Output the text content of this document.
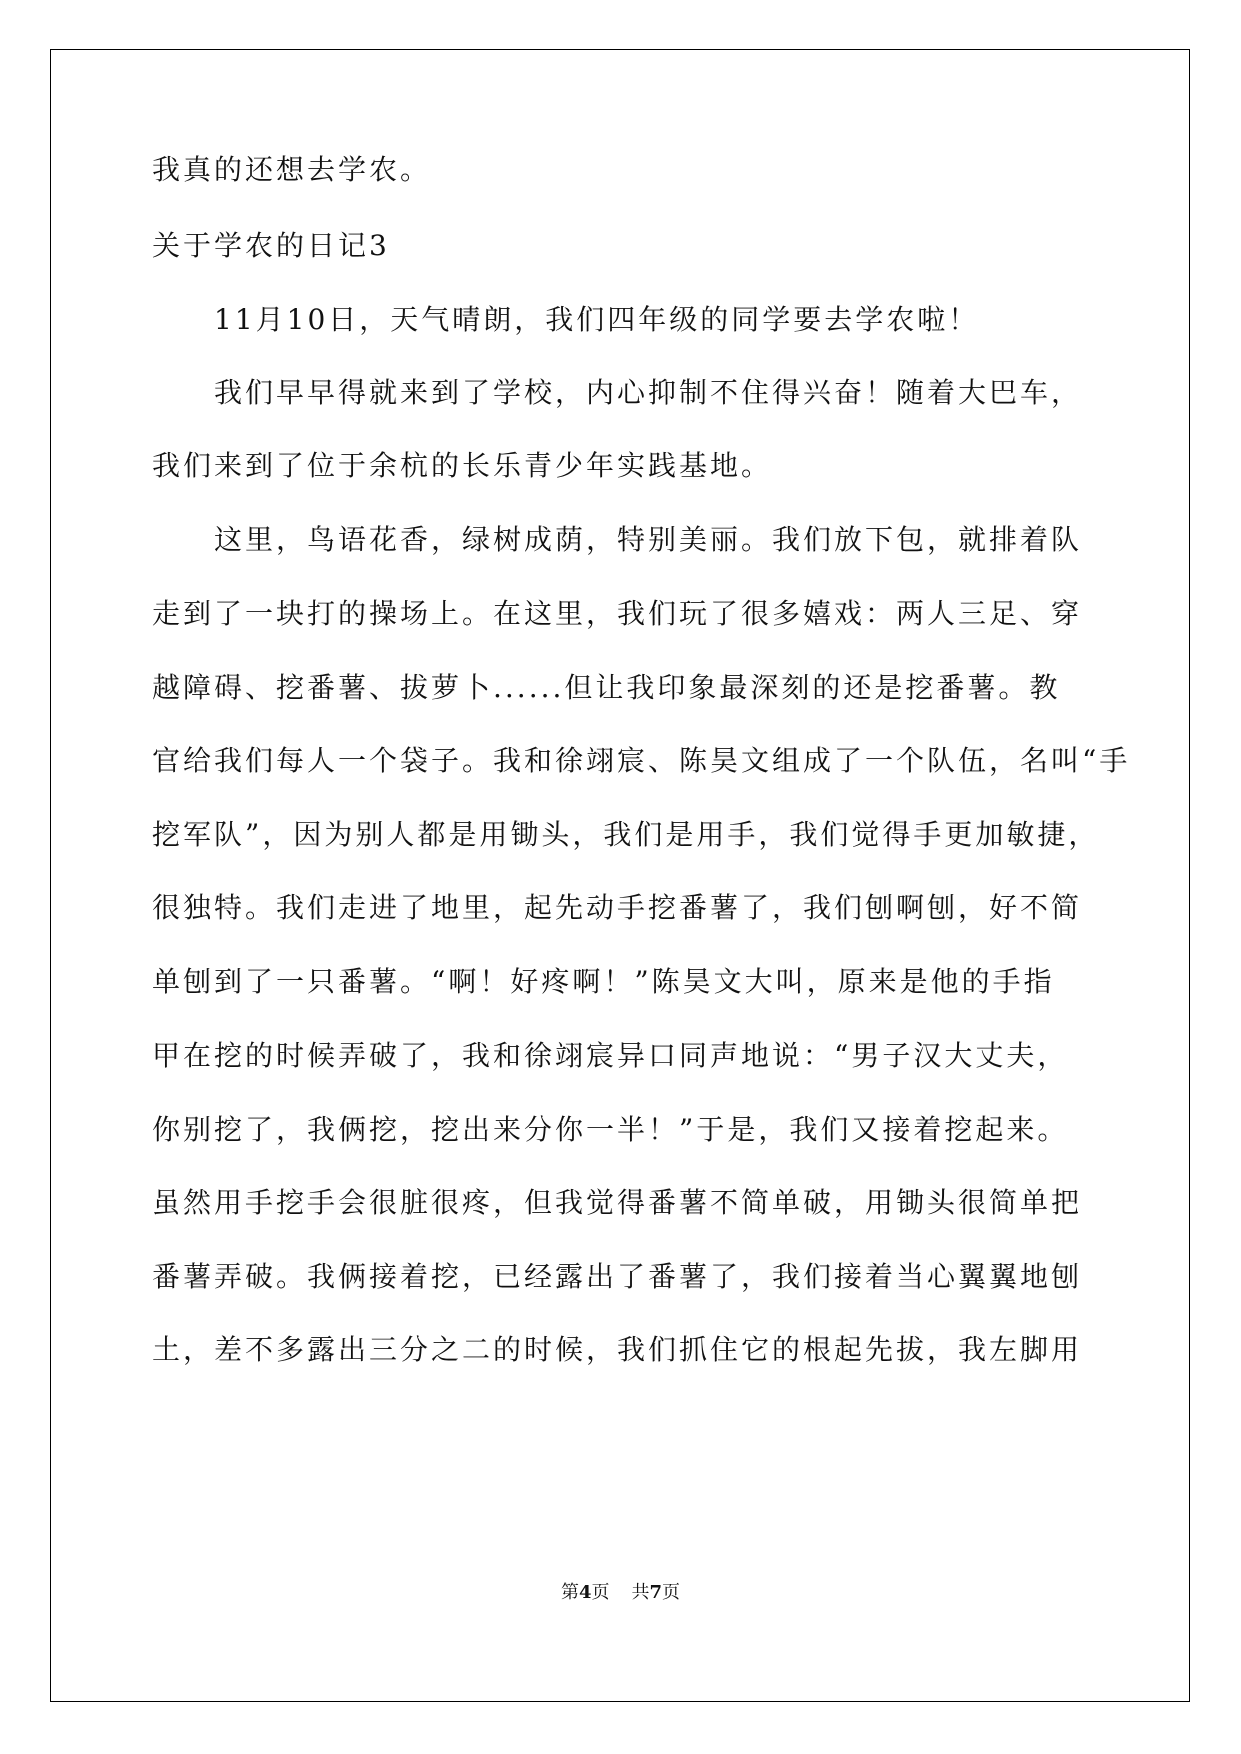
我真的还想去学农。

关于学农的日记3

　　11月10日，天气晴朗，我们四年级的同学要去学农啦！

　　我们早早得就来到了学校，内心抑制不住得兴奋！随着大巴车，

我们来到了位于余杭的长乐青少年实践基地。

　　这里，鸟语花香，绿树成荫，特别美丽。我们放下包，就排着队

走到了一块打的操场上。在这里，我们玩了很多嬉戏：两人三足、穿

越障碍、挖番薯、拔萝卜......但让我印象最深刻的还是挖番薯。教

官给我们每人一个袋子。我和徐翊宸、陈昊文组成了一个队伍，名叫“手

挖军队”，因为别人都是用锄头，我们是用手，我们觉得手更加敏捷，

很独特。我们走进了地里，起先动手挖番薯了，我们刨啊刨，好不简

单刨到了一只番薯。“啊！好疼啊！”陈昊文大叫，原来是他的手指

甲在挖的时候弄破了，我和徐翊宸异口同声地说：“男子汉大丈夫，

你别挖了，我俩挖，挖出来分你一半！”于是，我们又接着挖起来。

虽然用手挖手会很脏很疼，但我觉得番薯不简单破，用锄头很简单把

番薯弄破。我俩接着挖，已经露出了番薯了，我们接着当心翼翼地刨

土，差不多露出三分之二的时候，我们抓住它的根起先拔，我左脚用

第4页 共7页
